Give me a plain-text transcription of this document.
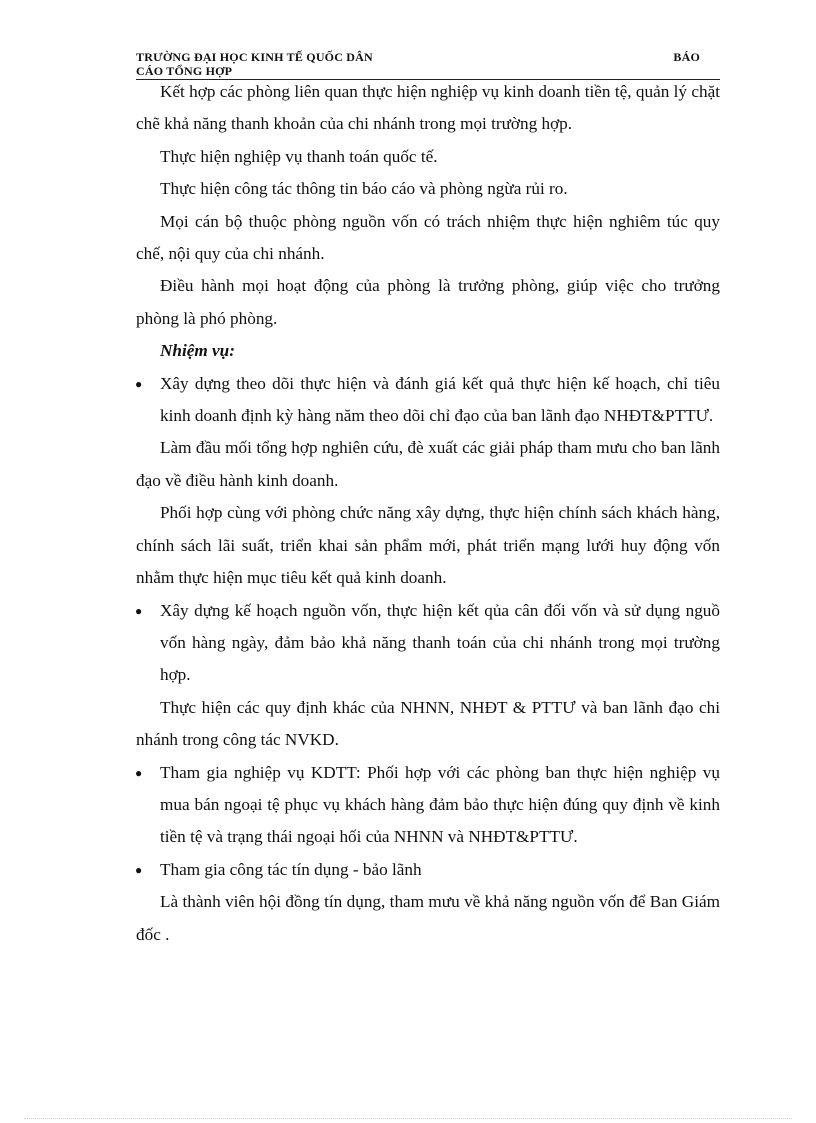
TRƯỜNG ĐẠI HỌC KINH TẾ QUỐC DÂN	BÁO
CÁO TỔNG HỢP

Kết hợp các phòng liên quan thực hiện nghiệp vụ kinh doanh tiền tệ, quản lý chặt chẽ khả năng thanh khoản của chi nhánh trong mọi trường hợp.

Thực hiện nghiệp vụ thanh toán quốc tế.

Thực hiện công tác thông tin báo cáo và phòng ngừa rủi ro.

Mọi cán bộ thuộc phòng nguồn vốn có trách nhiệm thực hiện nghiêm túc quy chế, nội quy của chi nhánh.

Điều hành mọi hoạt động của phòng là trưởng phòng, giúp việc cho trưởng phòng là phó phòng.

Nhiệm vụ:

● Xây dựng theo dõi thực hiện và đánh giá kết quả thực hiện kế hoạch, chỉ tiêu kinh doanh định kỳ hàng năm theo dõi chỉ đạo của ban lãnh đạo NHĐT&PTTƯ.

Làm đầu mối tổng hợp nghiên cứu, đè xuất các giải pháp tham mưu cho ban lãnh đạo về điều hành kinh doanh.

Phối hợp cùng với phòng chức năng xây dựng, thực hiện chính sách khách hàng, chính sách lãi suất, triển khai sản phẩm mới, phát triển mạng lưới huy động vốn nhằm thực hiện mục tiêu kết quả kinh doanh.

● Xây dựng kế hoạch nguồn vốn, thực hiện kết qủa cân đối vốn và sử dụng nguồ vốn hàng ngày, đảm bảo khả năng thanh toán của chi nhánh trong mọi trường hợp.

Thực hiện các quy định khác của NHNN, NHĐT & PTTƯ và ban lãnh đạo chi nhánh trong công tác NVKD.

● Tham gia nghiệp vụ KDTT: Phối hợp với các phòng ban thực hiện nghiệp vụ mua bán ngoại tệ phục vụ khách hàng đảm bảo thực hiện đúng quy định về kinh tiền tệ và trạng thái ngoại hối của NHNN và NHĐT&PTTƯ.
● Tham gia công tác tín dụng - bảo lãnh

Là thành viên hội đồng tín dụng, tham mưu về khả năng nguồn vốn để Ban Giám đốc .
